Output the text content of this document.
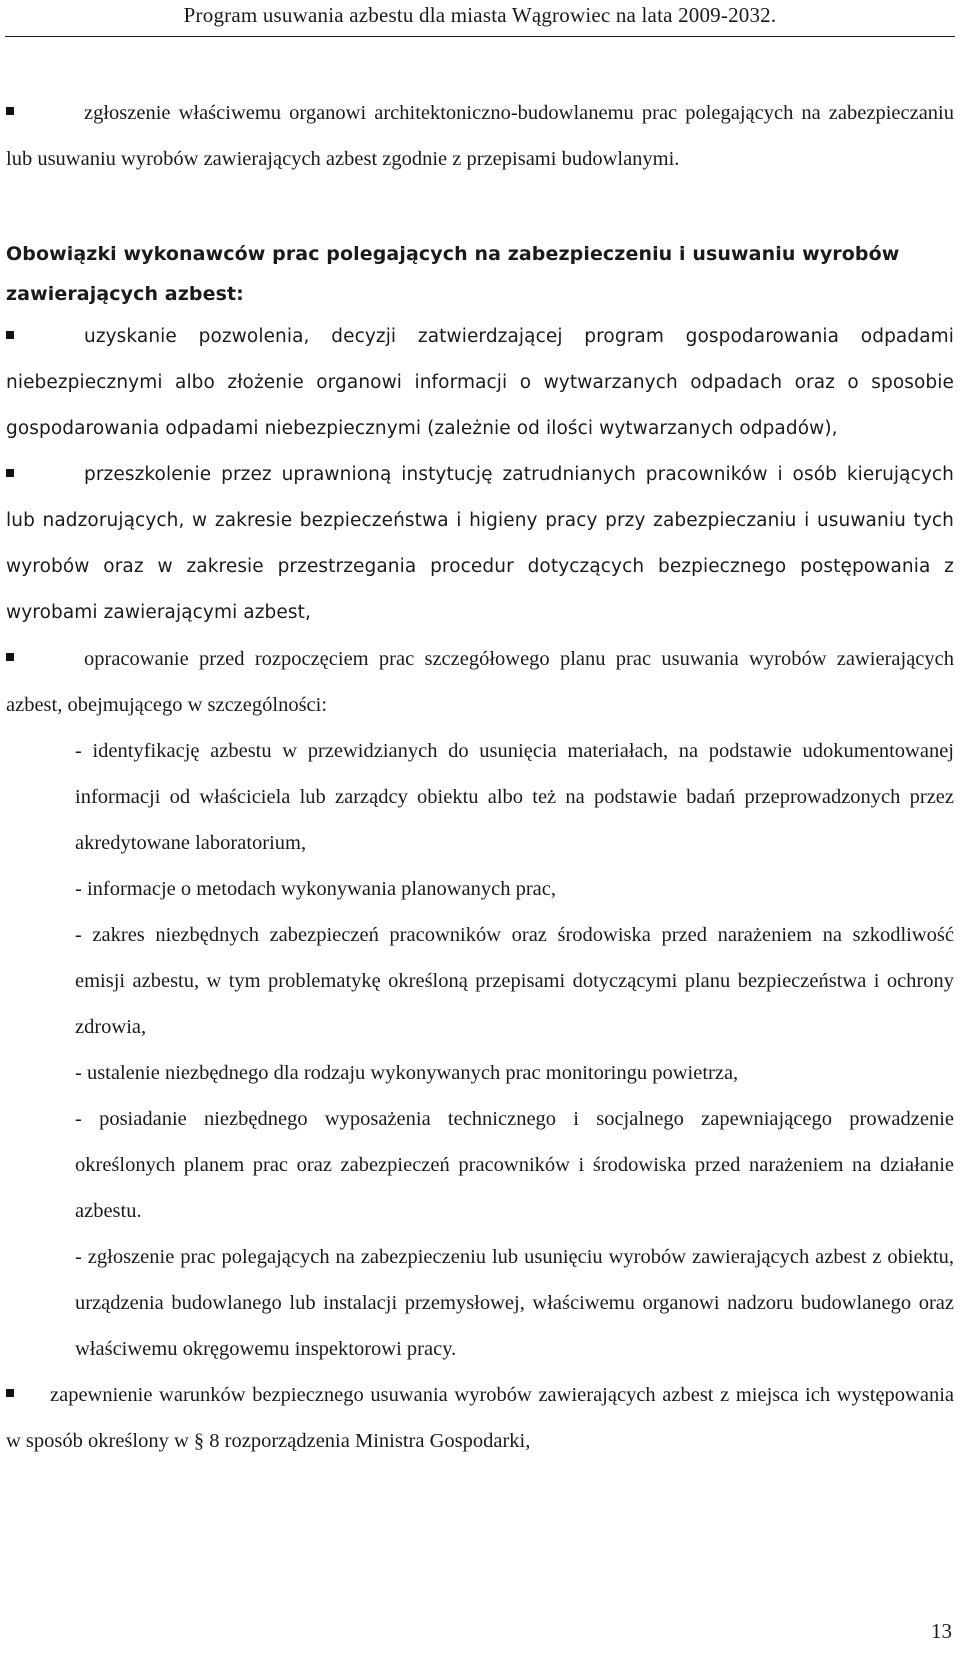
Program usuwania azbestu dla miasta Wągrowiec na lata 2009-2032.

zgłoszenie właściwemu organowi architektoniczno-budowlanemu prac polegających na zabezpieczaniu lub usuwaniu wyrobów zawierających azbest zgodnie z przepisami budowlanymi.

Obowiązki wykonawców prac polegających na zabezpieczeniu i usuwaniu wyrobów zawierających azbest:

uzyskanie pozwolenia, decyzji zatwierdzającej program gospodarowania odpadami niebezpiecznymi albo złożenie organowi informacji o wytwarzanych odpadach oraz o sposobie gospodarowania odpadami niebezpiecznymi (zależnie od ilości wytwarzanych odpadów),

przeszkolenie przez uprawnioną instytucję zatrudnianych pracowników i osób kierujących lub nadzorujących, w zakresie bezpieczeństwa i higieny pracy przy zabezpieczaniu i usuwaniu tych wyrobów oraz w zakresie przestrzegania procedur dotyczących bezpiecznego postępowania z wyrobami zawierającymi azbest,

opracowanie przed rozpoczęciem prac szczegółowego planu prac usuwania wyrobów zawierających azbest, obejmującego w szczególności:

- identyfikację azbestu w przewidzianych do usunięcia materiałach, na podstawie udokumentowanej informacji od właściciela lub zarządcy obiektu albo też na podstawie badań przeprowadzonych przez akredytowane laboratorium,

- informacje o metodach wykonywania planowanych prac,

- zakres niezbędnych zabezpieczeń pracowników oraz środowiska przed narażeniem na szkodliwość emisji azbestu, w tym problematykę określoną przepisami dotyczącymi planu bezpieczeństwa i ochrony zdrowia,

- ustalenie niezbędnego dla rodzaju wykonywanych prac monitoringu powietrza,

- posiadanie niezbędnego wyposażenia technicznego i socjalnego zapewniającego prowadzenie określonych planem prac oraz zabezpieczeń pracowników i środowiska przed narażeniem na działanie azbestu.

- zgłoszenie prac polegających na zabezpieczeniu lub usunięciu wyrobów zawierających azbest z obiektu, urządzenia budowlanego lub instalacji przemysłowej, właściwemu organowi nadzoru budowlanego oraz właściwemu okręgowemu inspektorowi pracy.

zapewnienie warunków bezpiecznego usuwania wyrobów zawierających azbest z miejsca ich występowania w sposób określony w § 8 rozporządzenia Ministra Gospodarki,

13
